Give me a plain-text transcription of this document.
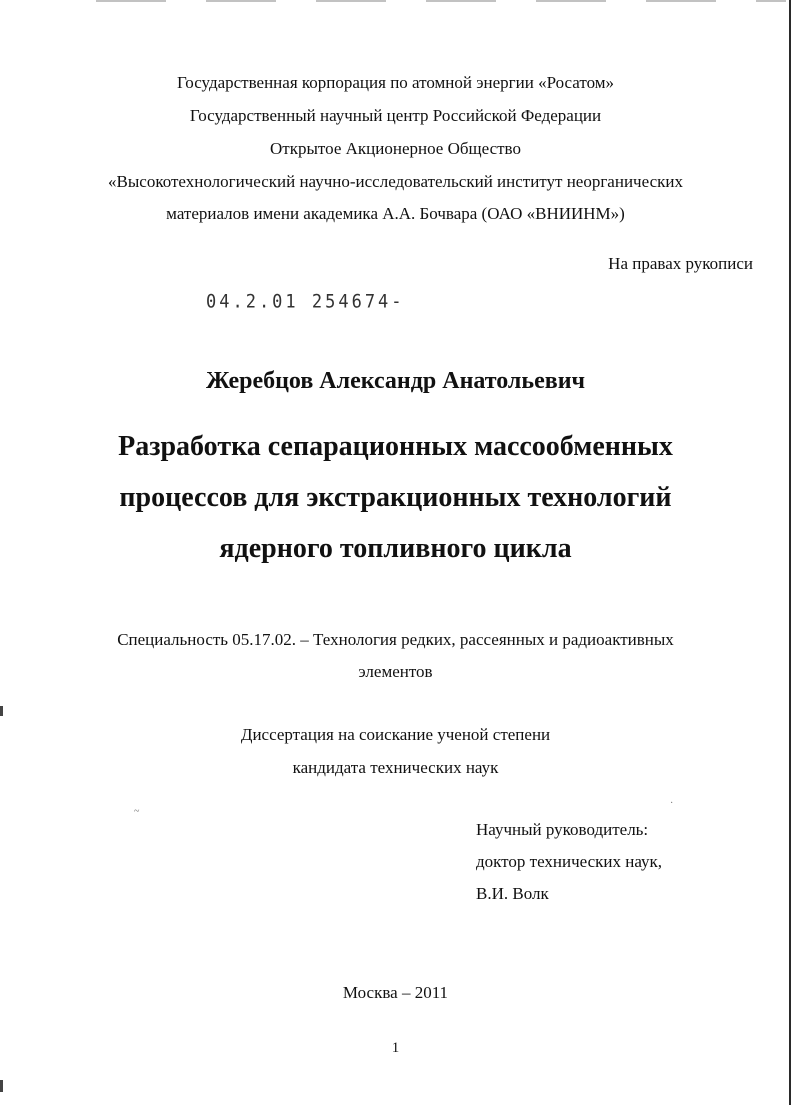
Государственная корпорация по атомной энергии «Росатом»
Государственный научный центр Российской Федерации
Открытое Акционерное Общество
«Высокотехнологический научно-исследовательский институт неорганических
материалов имени академика А.А. Бочвара (ОАО «ВНИИНМ»)
На правах рукописи
04.2.01 254674-
Жеребцов Александр Анатольевич
Разработка сепарационных массообменных
процессов для экстракционных технологий
ядерного топливного цикла
Специальность 05.17.02. – Технология редких, рассеянных и радиоактивных
элементов
Диссертация на соискание ученой степени
кандидата технических наук
~
·
Научный руководитель:
доктор технических наук,
В.И. Волк
Москва – 2011
1
